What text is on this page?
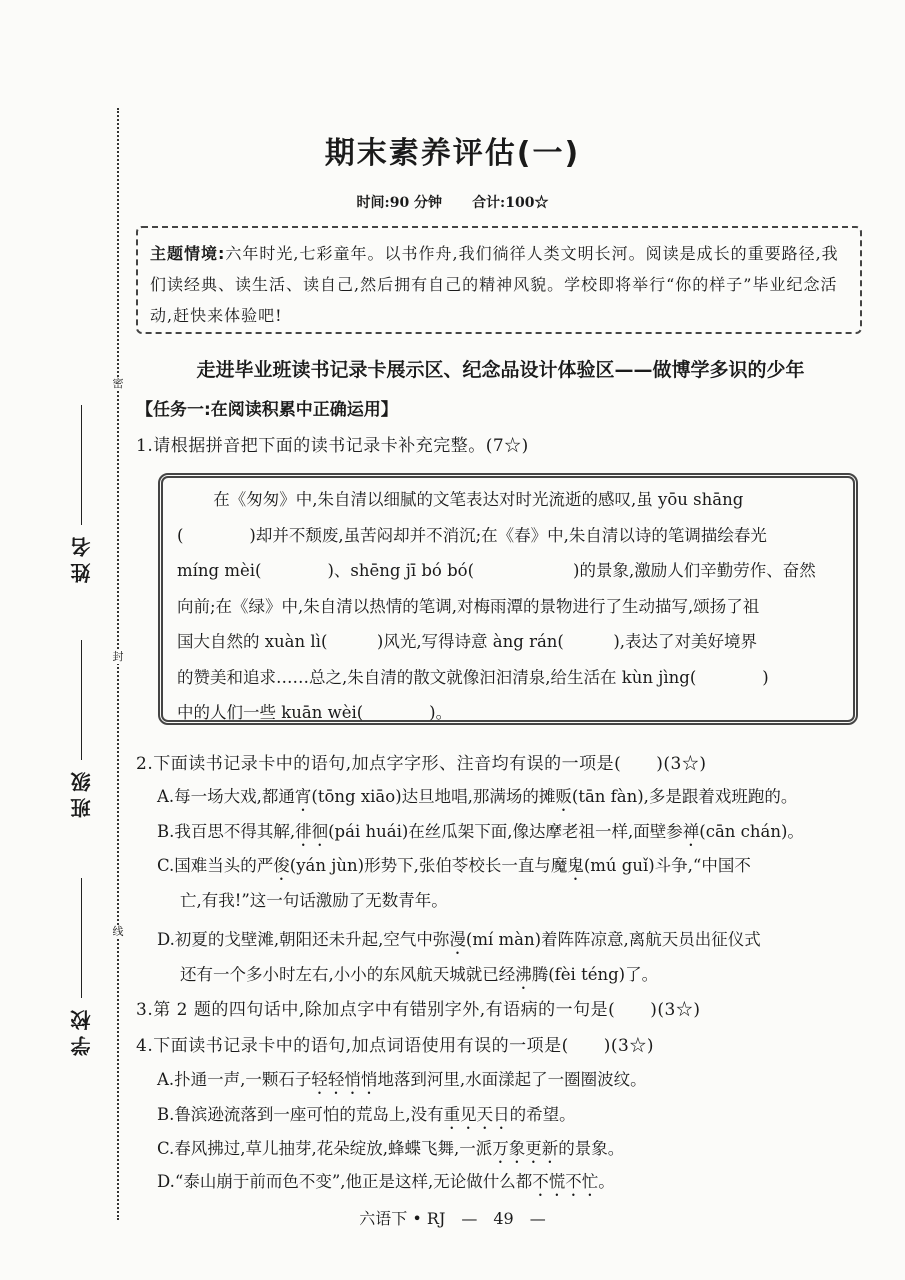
密
封
线
姓名
班级
学校
期末素养评估(一)
时间:90 分钟 合计:100☆
主题情境:六年时光,七彩童年。以书作舟,我们徜徉人类文明长河。阅读是成长的重要路径,我们读经典、读生活、读自己,然后拥有自己的精神风貌。学校即将举行“你的样子”毕业纪念活动,赶快来体验吧!
走进毕业班读书记录卡展示区、纪念品设计体验区——做博学多识的少年
【任务一:在阅读积累中正确运用】
1.请根据拼音把下面的读书记录卡补充完整。(7☆)
在《匆匆》中,朱自清以细腻的文笔表达对时光流逝的感叹,虽 yōu shāng
(　　　　)却并不颓废,虽苦闷却并不消沉;在《春》中,朱自清以诗的笔调描绘春光
míng mèi(　　　　)、shēng jī bó bó(　　　　　　)的景象,激励人们辛勤劳作、奋然
向前;在《绿》中,朱自清以热情的笔调,对梅雨潭的景物进行了生动描写,颂扬了祖
国大自然的 xuàn lì(　　　)风光,写得诗意 àng rán(　　　),表达了对美好境界
的赞美和追求……总之,朱自清的散文就像汩汩清泉,给生活在 kùn jìng(　　　　)
中的人们一些 kuān wèi(　　　　)。
2.下面读书记录卡中的语句,加点字字形、注音均有误的一项是(　　)(3☆)
A.每一场大戏,都通宵(tōng xiāo)达旦地唱,那满场的摊贩(tān fàn),多是跟着戏班跑的。
B.我百思不得其解,徘徊(pái huái)在丝瓜架下面,像达摩老祖一样,面壁参禅(cān chán)。
C.国难当头的严俊(yán jùn)形势下,张伯苓校长一直与魔鬼(mú guǐ)斗争,“中国不
亡,有我!”这一句话激励了无数青年。
D.初夏的戈壁滩,朝阳还未升起,空气中弥漫(mí màn)着阵阵凉意,离航天员出征仪式
还有一个多小时左右,小小的东风航天城就已经沸腾(fèi téng)了。
3.第 2 题的四句话中,除加点字中有错别字外,有语病的一句是(　　)(3☆)
4.下面读书记录卡中的语句,加点词语使用有误的一项是(　　)(3☆)
A.扑通一声,一颗石子轻轻悄悄地落到河里,水面漾起了一圈圈波纹。
B.鲁滨逊流落到一座可怕的荒岛上,没有重见天日的希望。
C.春风拂过,草儿抽芽,花朵绽放,蜂蝶飞舞,一派万象更新的景象。
D.“泰山崩于前而色不变”,他正是这样,无论做什么都不慌不忙。
六语下 • RJ　—　49　—
